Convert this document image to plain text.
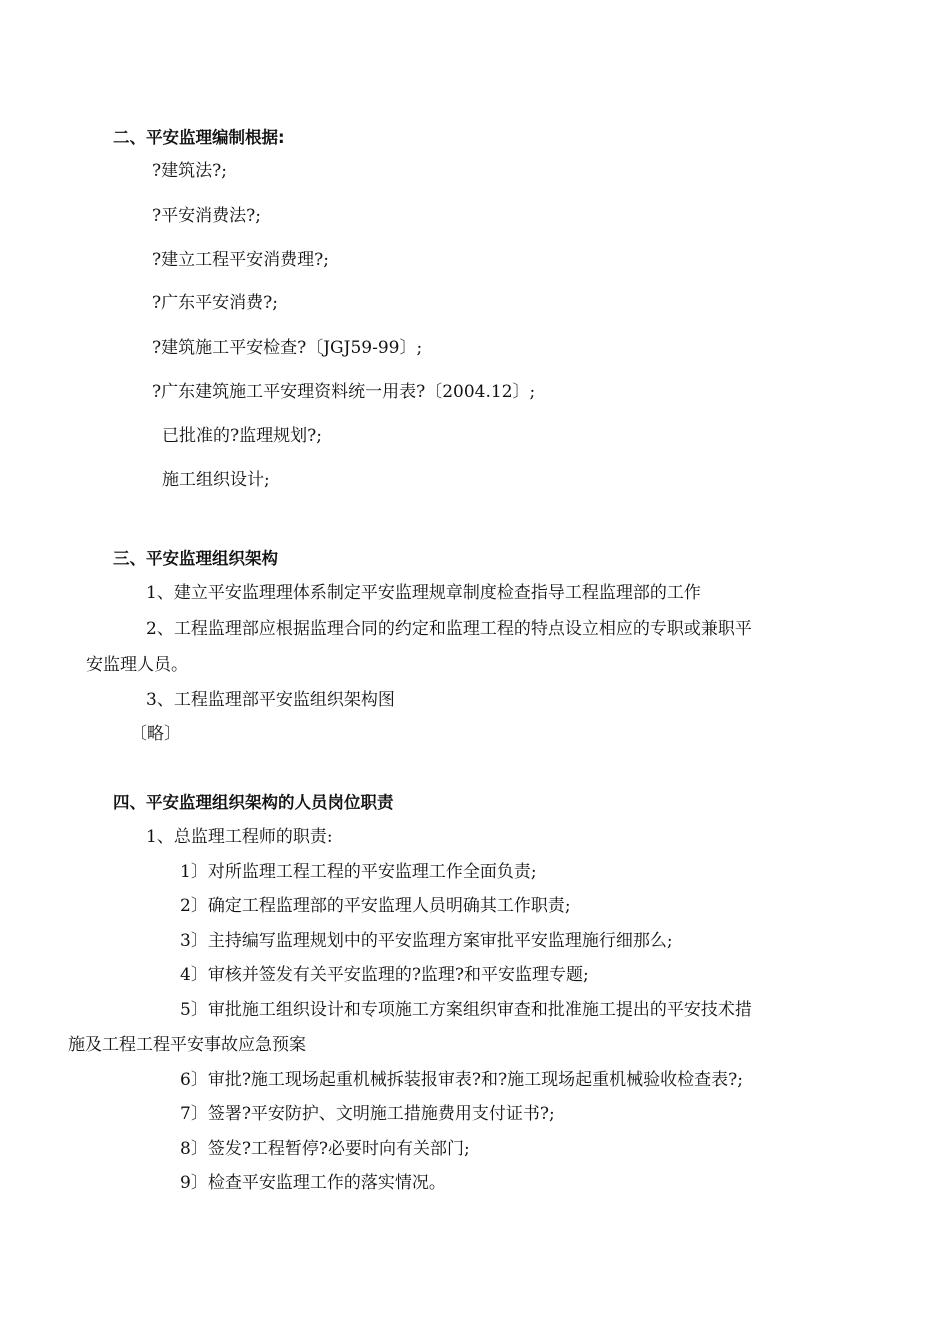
二、平安监理编制根据:
?建筑法?;
?平安消费法?;
?建立工程平安消费理?;
?广东平安消费?;
?建筑施工平安检查?〔JGJ59-99〕;
?广东建筑施工平安理资料统一用表?〔2004.12〕;
已批准的?监理规划?;
施工组织设计;
三、平安监理组织架构
1、建立平安监理理体系制定平安监理规章制度检查指导工程监理部的工作
2、工程监理部应根据监理合同的约定和监理工程的特点设立相应的专职或兼职平
安监理人员。
3、工程监理部平安监组织架构图
〔略〕
四、平安监理组织架构的人员岗位职责
1、总监理工程师的职责:
1〕对所监理工程工程的平安监理工作全面负责;
2〕确定工程监理部的平安监理人员明确其工作职责;
3〕主持编写监理规划中的平安监理方案审批平安监理施行细那么;
4〕审核并签发有关平安监理的?监理?和平安监理专题;
5〕审批施工组织设计和专项施工方案组织审查和批准施工提出的平安技术措
施及工程工程平安事故应急预案
6〕审批?施工现场起重机械拆装报审表?和?施工现场起重机械验收检查表?;
7〕签署?平安防护、文明施工措施费用支付证书?;
8〕签发?工程暂停?必要时向有关部门;
9〕检查平安监理工作的落实情况。
